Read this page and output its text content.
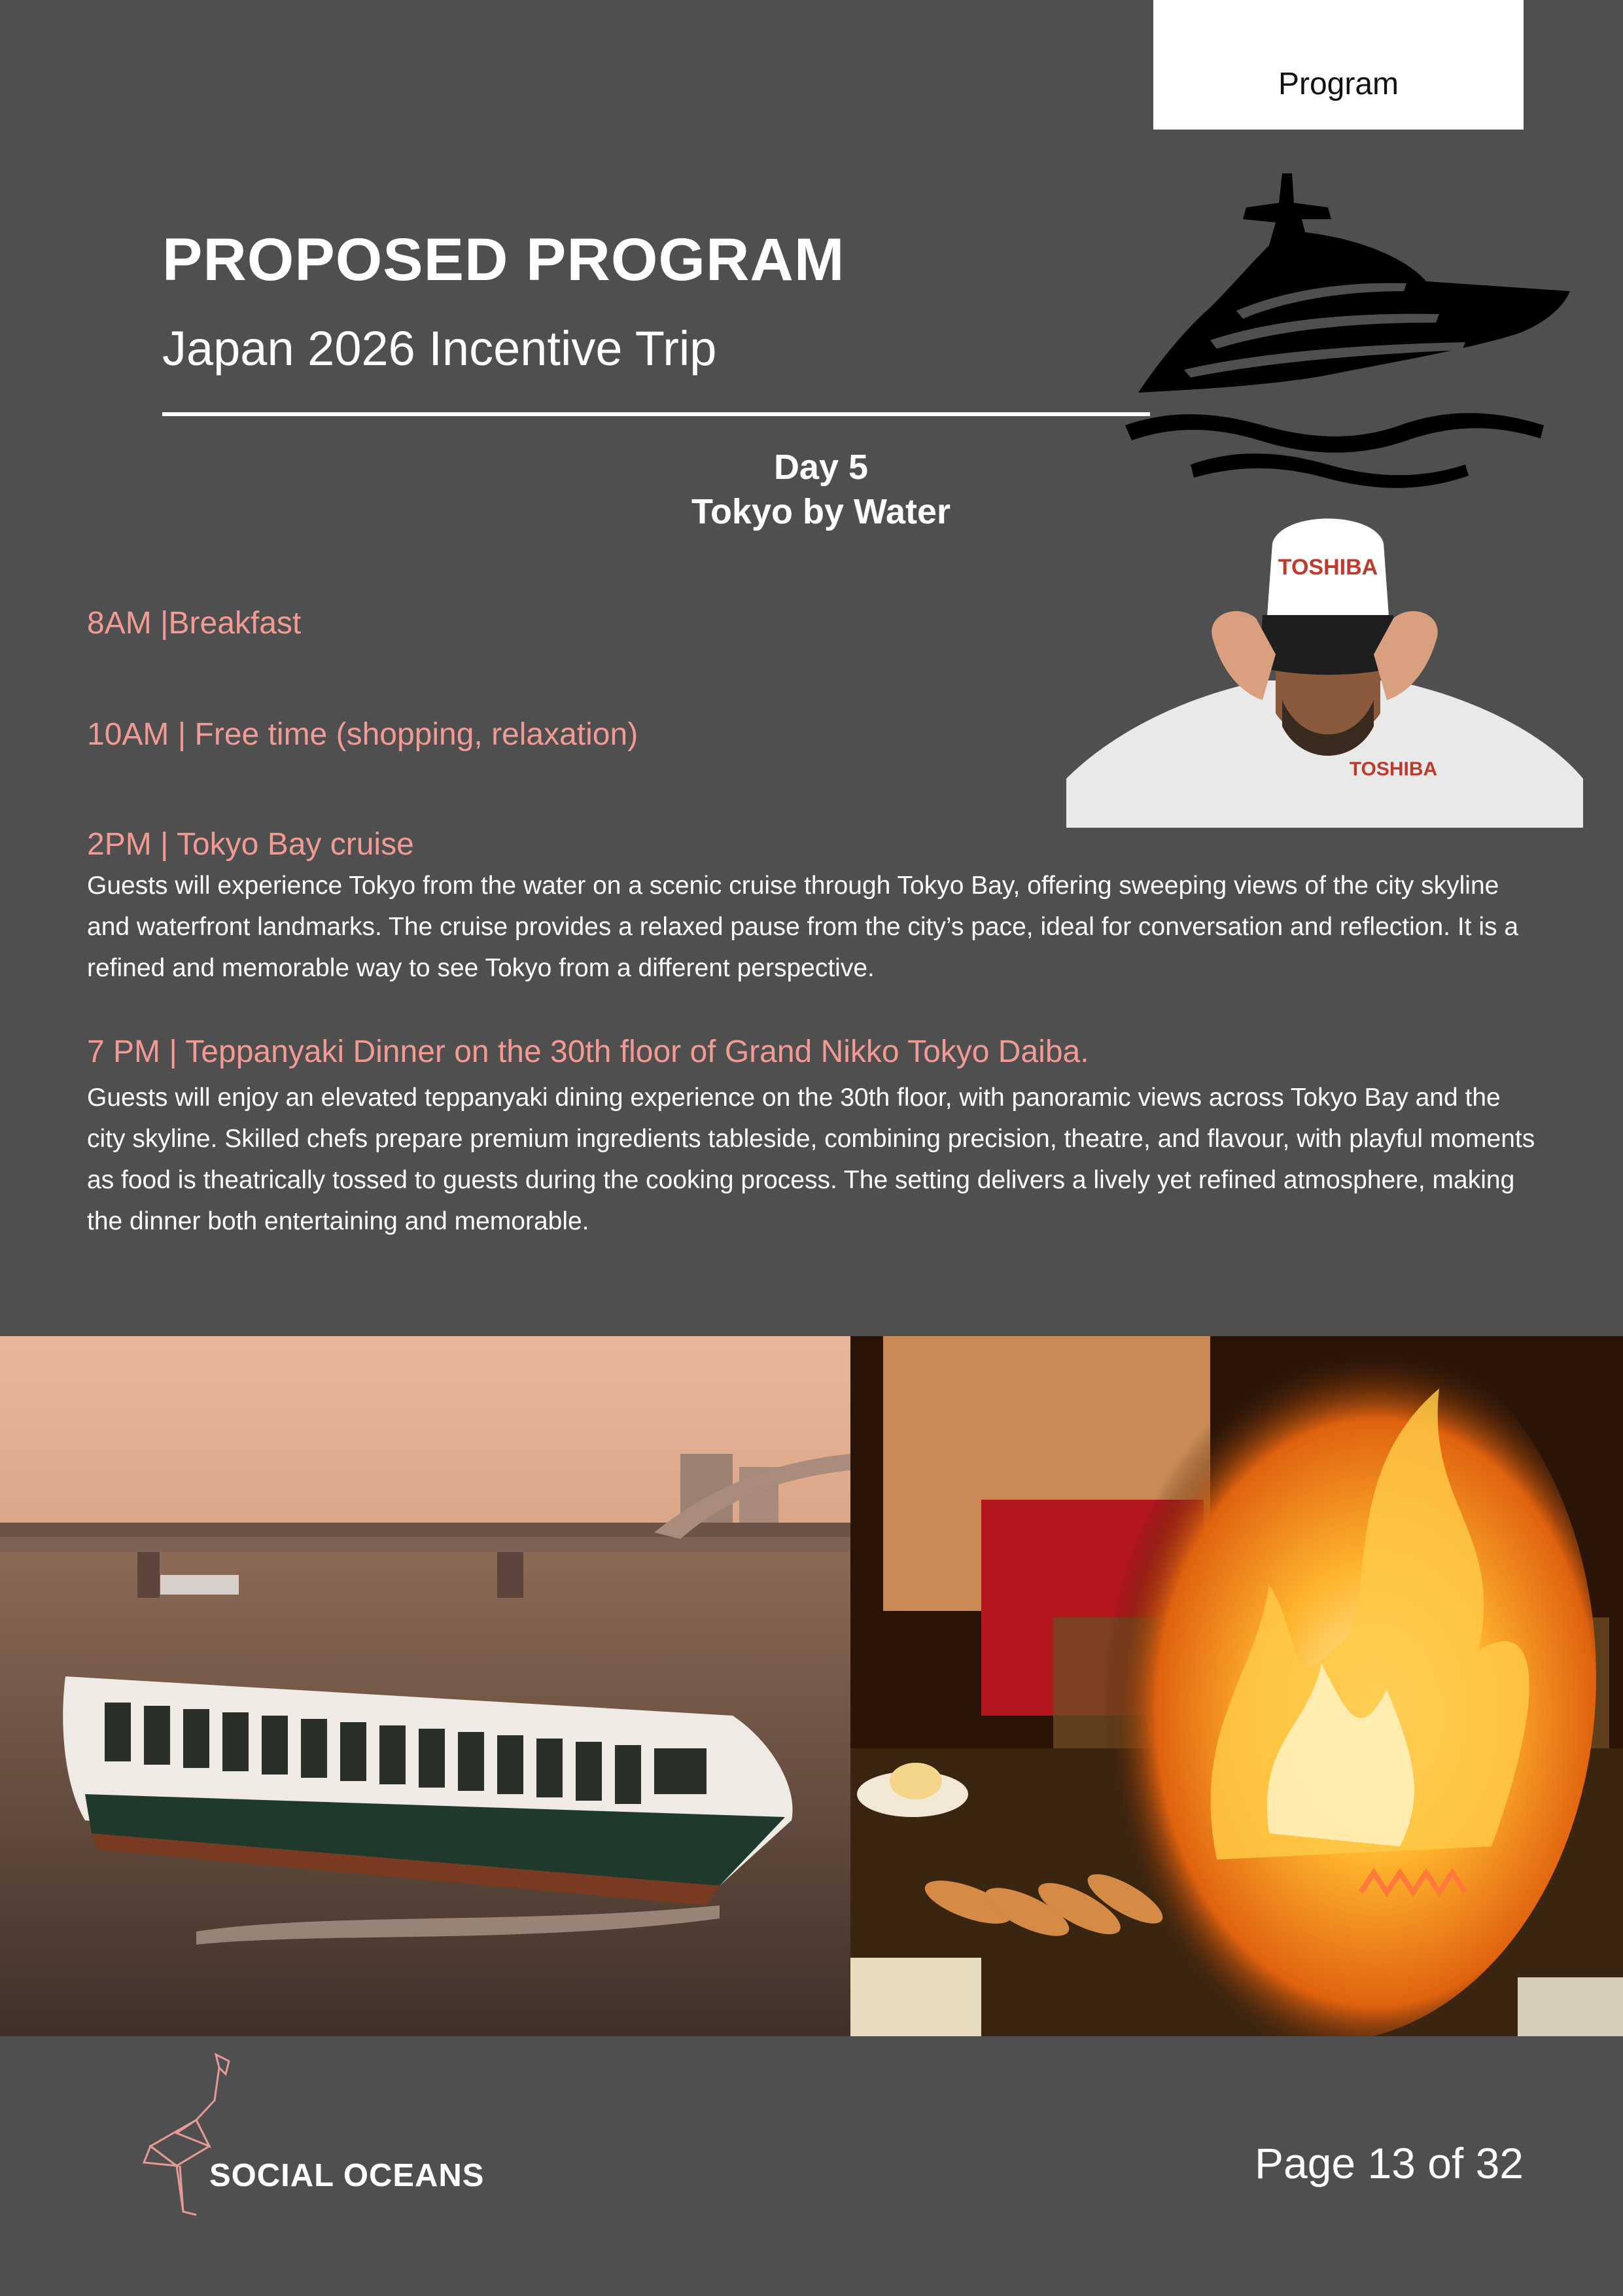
Program
PROPOSED PROGRAM
Japan 2026 Incentive Trip
Day 5
Tokyo by Water
TOSHIBA
TOSHIBA

8AM |Breakfast

10AM | Free time (shopping, relaxation)

2PM | Tokyo Bay cruise

Guests will experience Tokyo from the water on a scenic cruise through Tokyo Bay, offering sweeping views of the city skyline and waterfront landmarks. The cruise provides a relaxed pause from the city’s pace, ideal for conversation and reflection. It is a refined and memorable way to see Tokyo from a different perspective.

7 PM | Teppanyaki Dinner on the 30th floor of Grand Nikko Tokyo Daiba.

Guests will enjoy an elevated teppanyaki dining experience on the 30th floor, with panoramic views across Tokyo Bay and the city skyline. Skilled chefs prepare premium ingredients tableside, combining precision, theatre, and flavour, with playful moments as food is theatrically tossed to guests during the cooking process. The setting delivers a lively yet refined atmosphere, making the dinner both entertaining and memorable.

SOCIAL OCEANS	Page 13 of 32
